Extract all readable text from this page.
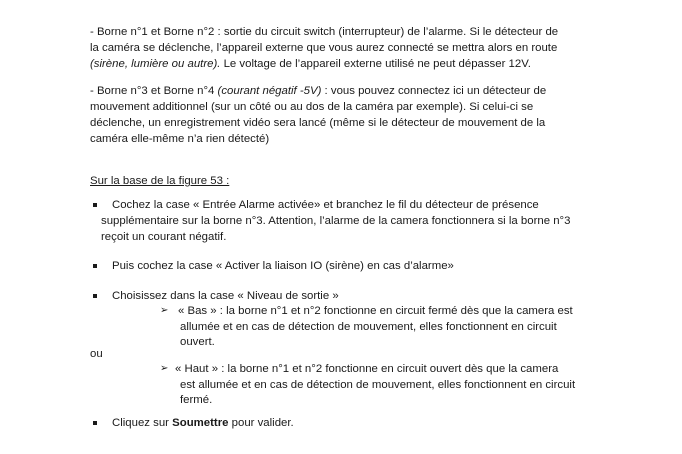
- Borne n°1 et Borne n°2 : sortie du circuit switch (interrupteur) de l’alarme. Si le détecteur de
la caméra se déclenche, l’appareil externe que vous aurez connecté se mettra alors en route
(sirène, lumière ou autre). Le voltage de l’appareil externe utilisé ne peut dépasser 12V.
- Borne n°3 et Borne n°4 (courant négatif -5V) : vous pouvez connectez ici un détecteur de
mouvement additionnel (sur un côté ou au dos de la caméra par exemple). Si celui-ci se
déclenche, un enregistrement vidéo sera lancé (même si le détecteur de mouvement de la
caméra elle-même n’a rien détecté)
Sur la base de la figure 53 :
Cochez la case « Entrée Alarme activée» et branchez le fil du détecteur de présence
supplémentaire sur la borne n°3. Attention, l’alarme de la camera fonctionnera si la borne n°3
reçoit un courant négatif.
Puis cochez la case « Activer la liaison IO (sirène) en cas d’alarme»
Choisissez dans la case « Niveau de sortie »
➢ « Bas » : la borne n°1 et n°2 fonctionne en circuit fermé dès que la camera est
allumée et en cas de détection de mouvement, elles fonctionnent en circuit
ouvert.
ou
➢ « Haut » : la borne n°1 et n°2 fonctionne en circuit ouvert dès que la camera
est allumée et en cas de détection de mouvement, elles fonctionnent en circuit
fermé.
Cliquez sur Soumettre pour valider.
